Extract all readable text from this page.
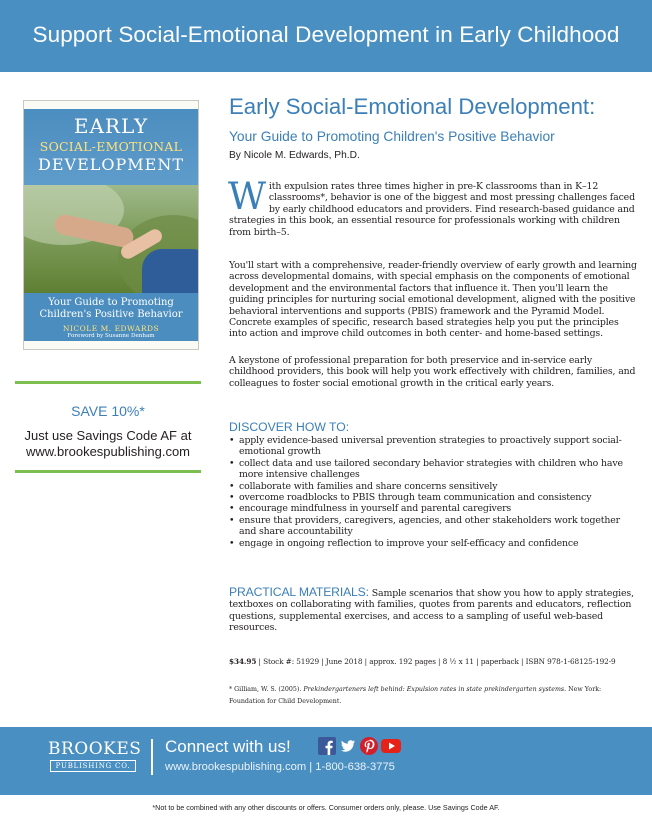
Support Social-Emotional Development in Early Childhood
EARLY
SOCIAL-EMOTIONAL
DEVELOPMENT
Your Guide to Promoting
Children's Positive Behavior
NICOLE M. EDWARDS
Foreword by Susanne Denham
SAVE 10%*
Just use Savings Code AF at
www.brookespublishing.com
Early Social-Emotional Development:
Your Guide to Promoting Children's Positive Behavior
By Nicole M. Edwards, Ph.D.
With expulsion rates three times higher in pre-K classrooms than in K–12 classrooms*, behavior is one of the biggest and most pressing challenges faced by early childhood educators and providers. Find research-based guidance and strategies in this book, an essential resource for professionals working with children from birth–5.
You'll start with a comprehensive, reader-friendly overview of early growth and learning across developmental domains, with special emphasis on the components of emotional development and the environmental factors that influence it. Then you'll learn the guiding principles for nurturing social emotional development, aligned with the positive behavioral interventions and supports (PBIS) framework and the Pyramid Model. Concrete examples of specific, research based strategies help you put the principles into action and improve child outcomes in both center- and home-based settings.
A keystone of professional preparation for both preservice and in-service early childhood providers, this book will help you work effectively with children, families, and colleagues to foster social emotional growth in the critical early years.
DISCOVER HOW TO:
• apply evidence-based universal prevention strategies to proactively support social-emotional growth
• collect data and use tailored secondary behavior strategies with children who have more intensive challenges
• collaborate with families and share concerns sensitively
• overcome roadblocks to PBIS through team communication and consistency
• encourage mindfulness in yourself and parental caregivers
• ensure that providers, caregivers, agencies, and other stakeholders work together and share accountability
• engage in ongoing reflection to improve your self-efficacy and confidence
PRACTICAL MATERIALS: Sample scenarios that show you how to apply strategies, textboxes on collaborating with families, quotes from parents and educators, reflection questions, supplemental exercises, and access to a sampling of useful web-based resources.
$34.95 | Stock #: 51929 | June 2018 | approx. 192 pages | 8 ½ x 11 | paperback | ISBN 978-1-68125-192-9
* Gilliam, W. S. (2005). Prekindergarteners left behind: Expulsion rates in state prekindergarten systems. New York: Foundation for Child Development.
BROOKES
PUBLISHING CO.
Connect with us!
www.brookespublishing.com | 1-800-638-3775
*Not to be combined with any other discounts or offers. Consumer orders only, please. Use Savings Code AF.
